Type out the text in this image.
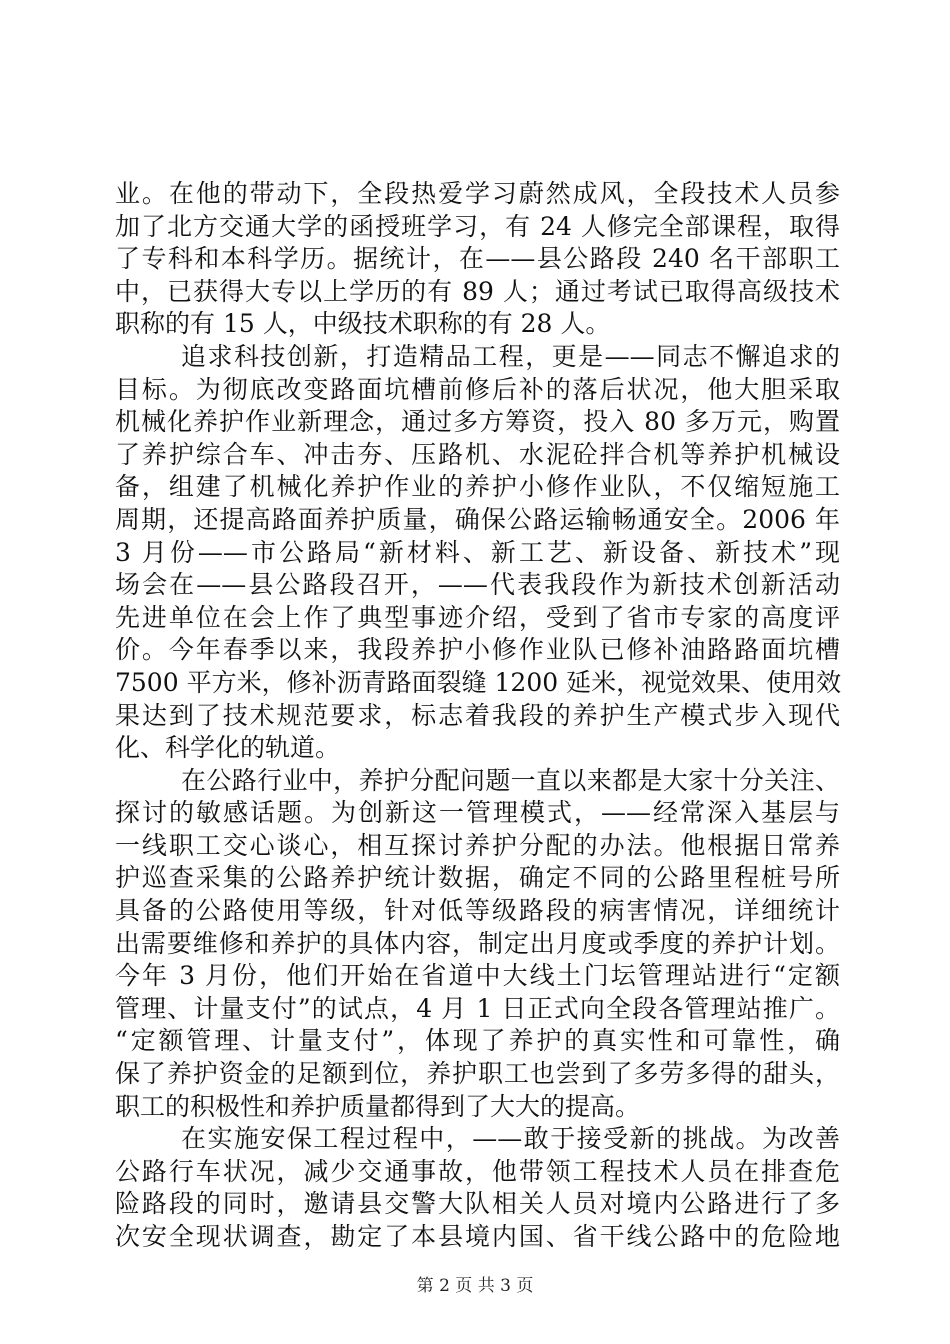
业。在他的带动下，全段热爱学习蔚然成风，全段技术人员参
加了北方交通大学的函授班学习，有 24 人修完全部课程，取得
了专科和本科学历。据统计，在——县公路段 240 名干部职工
中，已获得大专以上学历的有 89 人；通过考试已取得高级技术
职称的有 15 人，中级技术职称的有 28 人。
追求科技创新，打造精品工程，更是——同志不懈追求的
目标。为彻底改变路面坑槽前修后补的落后状况，他大胆采取
机械化养护作业新理念，通过多方筹资，投入 80 多万元，购置
了养护综合车、冲击夯、压路机、水泥砼拌合机等养护机械设
备，组建了机械化养护作业的养护小修作业队，不仅缩短施工
周期，还提高路面养护质量，确保公路运输畅通安全。2006 年
3 月份——市公路局“新材料、新工艺、新设备、新技术”现
场会在——县公路段召开，——代表我段作为新技术创新活动
先进单位在会上作了典型事迹介绍，受到了省市专家的高度评
价。今年春季以来，我段养护小修作业队已修补油路路面坑槽
7500 平方米，修补沥青路面裂缝 1200 延米，视觉效果、使用效
果达到了技术规范要求，标志着我段的养护生产模式步入现代
化、科学化的轨道。
在公路行业中，养护分配问题一直以来都是大家十分关注、
探讨的敏感话题。为创新这一管理模式，——经常深入基层与
一线职工交心谈心，相互探讨养护分配的办法。他根据日常养
护巡查采集的公路养护统计数据，确定不同的公路里程桩号所
具备的公路使用等级，针对低等级路段的病害情况，详细统计
出需要维修和养护的具体内容，制定出月度或季度的养护计划。
今年 3 月份，他们开始在省道中大线土门坛管理站进行“定额
管理、计量支付”的试点，4 月 1 日正式向全段各管理站推广。
“定额管理、计量支付”，体现了养护的真实性和可靠性，确
保了养护资金的足额到位，养护职工也尝到了多劳多得的甜头，
职工的积极性和养护质量都得到了大大的提高。
在实施安保工程过程中，——敢于接受新的挑战。为改善
公路行车状况，减少交通事故，他带领工程技术人员在排查危
险路段的同时，邀请县交警大队相关人员对境内公路进行了多
次安全现状调查，勘定了本县境内国、省干线公路中的危险地
第 2 页 共 3 页
